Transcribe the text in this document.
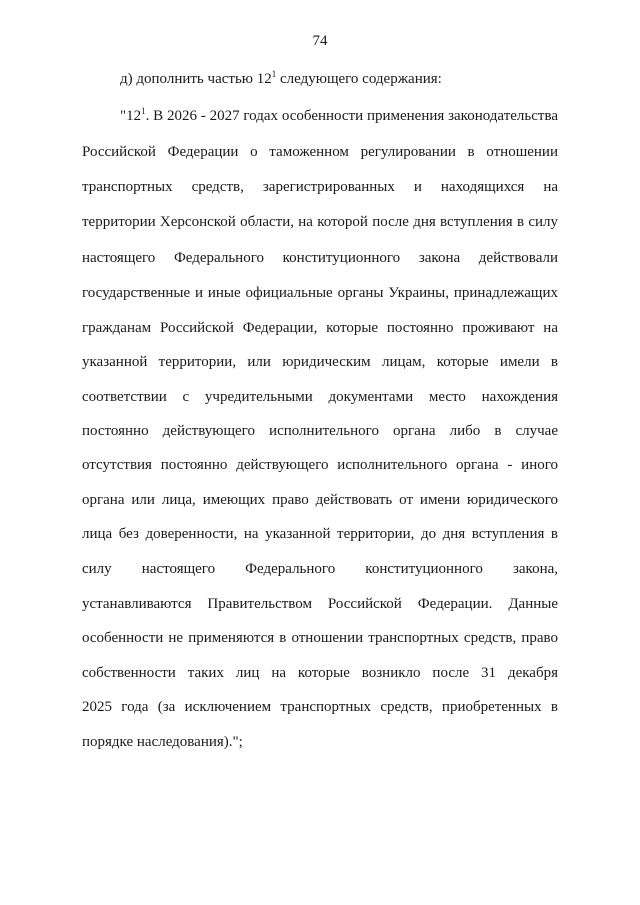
74
д) дополнить частью $12^1$ следующего содержания:
"$12^1$. В 2026 - 2027 годах особенности применения законодательства
Российской Федерации о таможенном регулировании в отношении
транспортных средств, зарегистрированных и находящихся на
территории Херсонской области, на которой после дня вступления в силу
настоящего Федерального конституционного закона действовали
государственные и иные официальные органы Украины, принадлежащих
гражданам Российской Федерации, которые постоянно проживают на
указанной территории, или юридическим лицам, которые имели в
соответствии с учредительными документами место нахождения
постоянно действующего исполнительного органа либо в случае
отсутствия постоянно действующего исполнительного органа - иного
органа или лица, имеющих право действовать от имени юридического
лица без доверенности, на указанной территории, до дня вступления в
силу настоящего Федерального конституционного закона,
устанавливаются Правительством Российской Федерации. Данные
особенности не применяются в отношении транспортных средств, право
собственности таких лиц на которые возникло после 31 декабря
2025 года (за исключением транспортных средств, приобретенных в
порядке наследования).";
